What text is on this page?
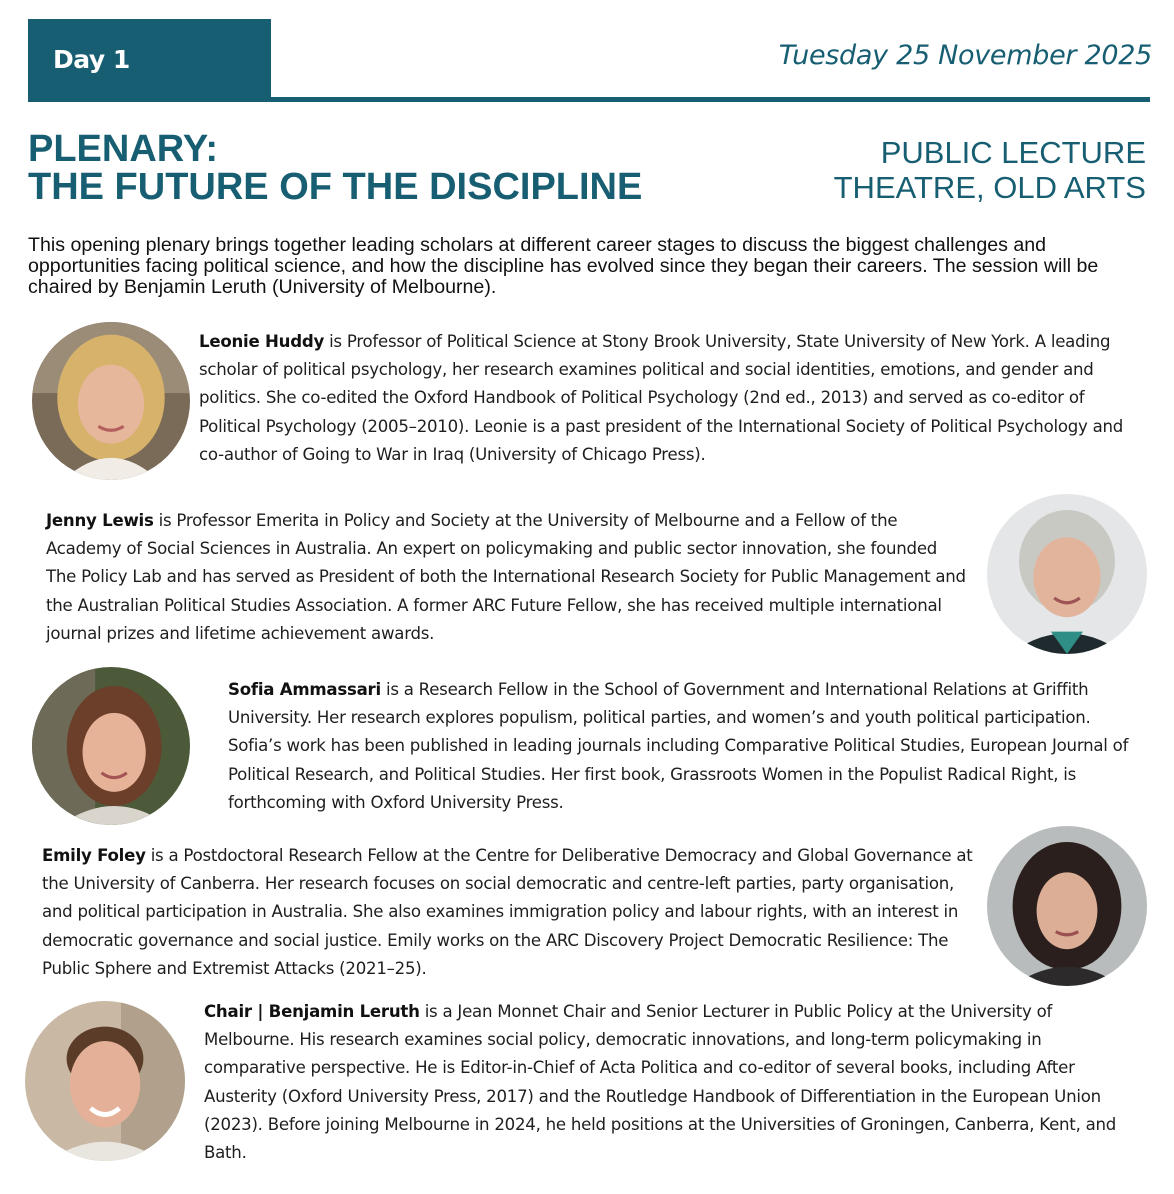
Day 1	Tuesday 25 November 2025
PLENARY:
THE FUTURE OF THE DISCIPLINE
PUBLIC LECTURE
THEATRE, OLD ARTS

This opening plenary brings together leading scholars at different career stages to discuss the biggest challenges and opportunities facing political science, and how the discipline has evolved since they began their careers. The session will be chaired by Benjamin Leruth (University of Melbourne).

Leonie Huddy is Professor of Political Science at Stony Brook University, State University of New York. A leading scholar of political psychology, her research examines political and social identities, emotions, and gender and politics. She co-edited the Oxford Handbook of Political Psychology (2nd ed., 2013) and served as co-editor of Political Psychology (2005–2010). Leonie is a past president of the International Society of Political Psychology and co-author of Going to War in Iraq (University of Chicago Press).

Jenny Lewis is Professor Emerita in Policy and Society at the University of Melbourne and a Fellow of the Academy of Social Sciences in Australia. An expert on policymaking and public sector innovation, she founded The Policy Lab and has served as President of both the International Research Society for Public Management and the Australian Political Studies Association. A former ARC Future Fellow, she has received multiple international journal prizes and lifetime achievement awards.

Sofia Ammassari is a Research Fellow in the School of Government and International Relations at Griffith University. Her research explores populism, political parties, and women’s and youth political participation. Sofia’s work has been published in leading journals including Comparative Political Studies, European Journal of Political Research, and Political Studies. Her first book, Grassroots Women in the Populist Radical Right, is forthcoming with Oxford University Press.

Emily Foley is a Postdoctoral Research Fellow at the Centre for Deliberative Democracy and Global Governance at the University of Canberra. Her research focuses on social democratic and centre-left parties, party organisation, and political participation in Australia. She also examines immigration policy and labour rights, with an interest in democratic governance and social justice. Emily works on the ARC Discovery Project Democratic Resilience: The Public Sphere and Extremist Attacks (2021–25).

Chair | Benjamin Leruth is a Jean Monnet Chair and Senior Lecturer in Public Policy at the University of Melbourne. His research examines social policy, democratic innovations, and long-term policymaking in comparative perspective. He is Editor-in-Chief of Acta Politica and co-editor of several books, including After Austerity (Oxford University Press, 2017) and the Routledge Handbook of Differentiation in the European Union (2023). Before joining Melbourne in 2024, he held positions at the Universities of Groningen, Canberra, Kent, and Bath.
